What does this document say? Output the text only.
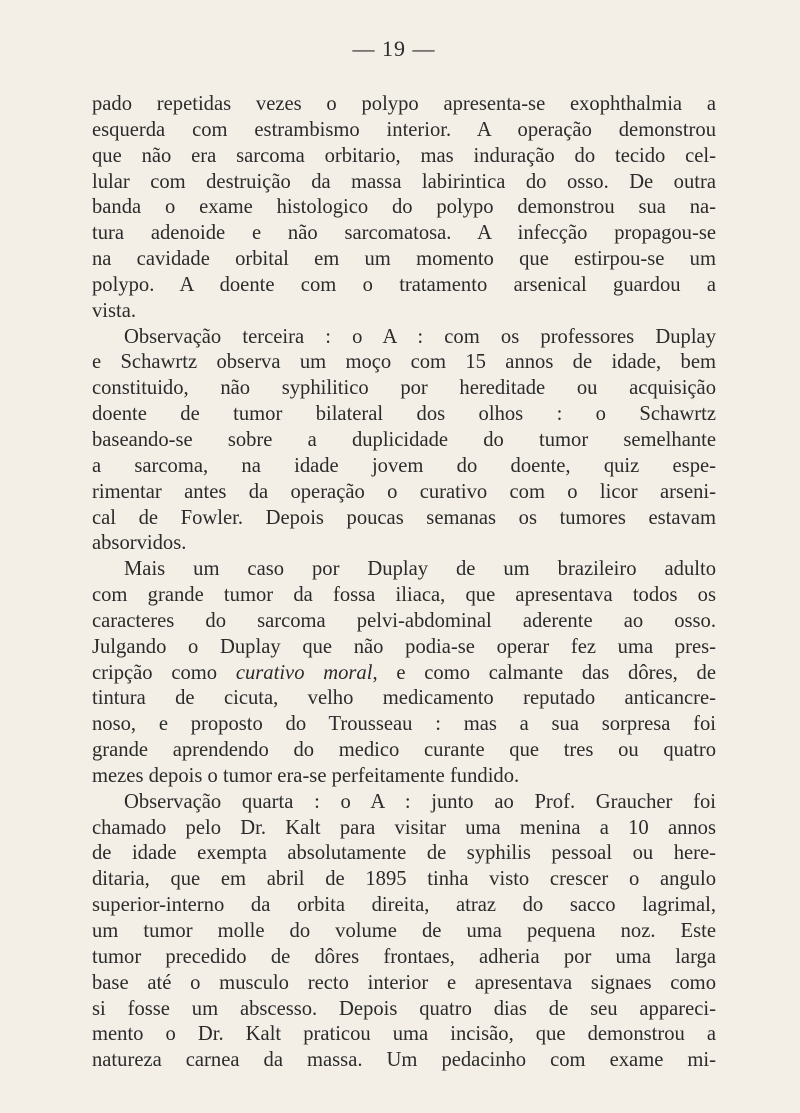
— 19 —

pado repetidas vezes o polypo apresenta-se exophthalmia a
esquerda com estrambismo interior. A operação demonstrou
que não era sarcoma orbitario, mas induração do tecido cel-
lular com destruição da massa labirintica do osso. De outra
banda o exame histologico do polypo demonstrou sua na-
tura adenoide e não sarcomatosa. A infecção propagou-se
na cavidade orbital em um momento que estirpou-se um
polypo. A doente com o tratamento arsenical guardou a
vista.

Observação terceira : o A : com os professores Duplay
e Schawrtz observa um moço com 15 annos de idade, bem
constituido, não syphilitico por hereditade ou acquisição
doente de tumor bilateral dos olhos : o Schawrtz
baseando-se sobre a duplicidade do tumor semelhante
a sarcoma, na idade jovem do doente, quiz espe-
rimentar antes da operação o curativo com o licor arseni-
cal de Fowler. Depois poucas semanas os tumores estavam
absorvidos.

Mais um caso por Duplay de um brazileiro adulto
com grande tumor da fossa iliaca, que apresentava todos os
caracteres do sarcoma pelvi-abdominal aderente ao osso.
Julgando o Duplay que não podia-se operar fez uma pres-
cripção como curativo moral, e como calmante das dôres, de
tintura de cicuta, velho medicamento reputado anticancre-
noso, e proposto do Trousseau : mas a sua sorpresa foi
grande aprendendo do medico curante que tres ou quatro
mezes depois o tumor era-se perfeitamente fundido.

Observação quarta : o A : junto ao Prof. Graucher foi
chamado pelo Dr. Kalt para visitar uma menina a 10 annos
de idade exempta absolutamente de syphilis pessoal ou here-
ditaria, que em abril de 1895 tinha visto crescer o angulo
superior-interno da orbita direita, atraz do sacco lagrimal,
um tumor molle do volume de uma pequena noz. Este
tumor precedido de dôres frontaes, adheria por uma larga
base até o musculo recto interior e apresentava signaes como
si fosse um abscesso. Depois quatro dias de seu appareci-
mento o Dr. Kalt praticou uma incisão, que demonstrou a
natureza carnea da massa. Um pedacinho com exame mi-
